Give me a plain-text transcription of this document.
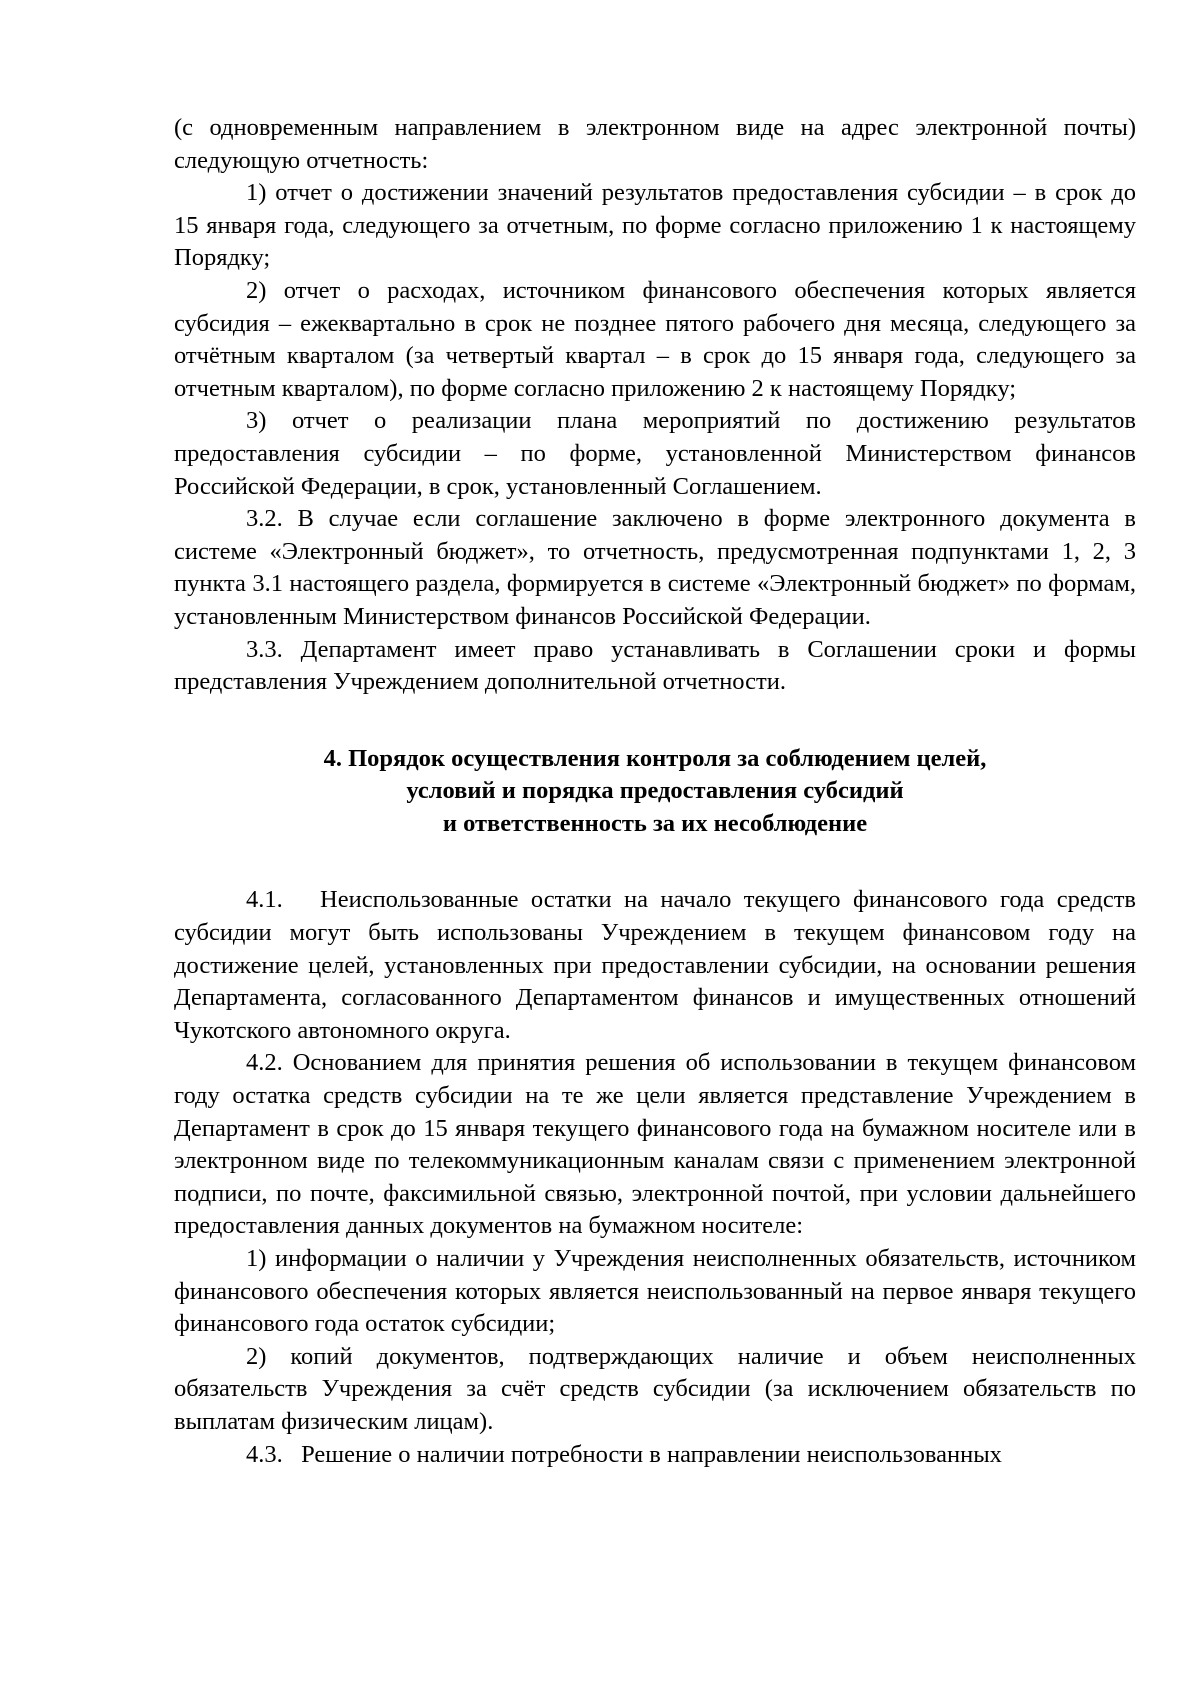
(с одновременным направлением в электронном виде на адрес электронной почты) следующую отчетность:

1) отчет о достижении значений результатов предоставления субсидии – в срок до 15 января года, следующего за отчетным, по форме согласно приложению 1 к настоящему Порядку;

2) отчет о расходах, источником финансового обеспечения которых является субсидия – ежеквартально в срок не позднее пятого рабочего дня месяца, следующего за отчётным кварталом (за четвертый квартал – в срок до 15 января года, следующего за отчетным кварталом), по форме согласно приложению 2 к настоящему Порядку;

3) отчет о реализации плана мероприятий по достижению результатов предоставления субсидии – по форме, установленной Министерством финансов Российской Федерации, в срок, установленный Соглашением.

3.2. В случае если соглашение заключено в форме электронного документа в системе «Электронный бюджет», то отчетность, предусмотренная подпунктами 1, 2, 3 пункта 3.1 настоящего раздела, формируется в системе «Электронный бюджет» по формам, установленным Министерством финансов Российской Федерации.

3.3. Департамент имеет право устанавливать в Соглашении сроки и формы представления Учреждением дополнительной отчетности.

4. Порядок осуществления контроля за соблюдением целей,
условий и порядка предоставления субсидий
и ответственность за их несоблюдение

4.1.   Неиспользованные остатки на начало текущего финансового года средств субсидии могут быть использованы Учреждением в текущем финансовом году на достижение целей, установленных при предоставлении субсидии, на основании решения Департамента, согласованного Департаментом финансов и имущественных отношений Чукотского автономного округа.

4.2. Основанием для принятия решения об использовании в текущем финансовом году остатка средств субсидии на те же цели является представление Учреждением в Департамент в срок до 15 января текущего финансового года на бумажном носителе или в электронном виде по телекоммуникационным каналам связи с применением электронной подписи, по почте, факсимильной связью, электронной почтой, при условии дальнейшего предоставления данных документов на бумажном носителе:

1) информации о наличии у Учреждения неисполненных обязательств, источником финансового обеспечения которых является неиспользованный на первое января текущего финансового года остаток субсидии;

2) копий документов, подтверждающих наличие и объем неисполненных обязательств Учреждения за счёт средств субсидии (за исключением обязательств по выплатам физическим лицам).

4.3.   Решение о наличии потребности в направлении неиспользованных
